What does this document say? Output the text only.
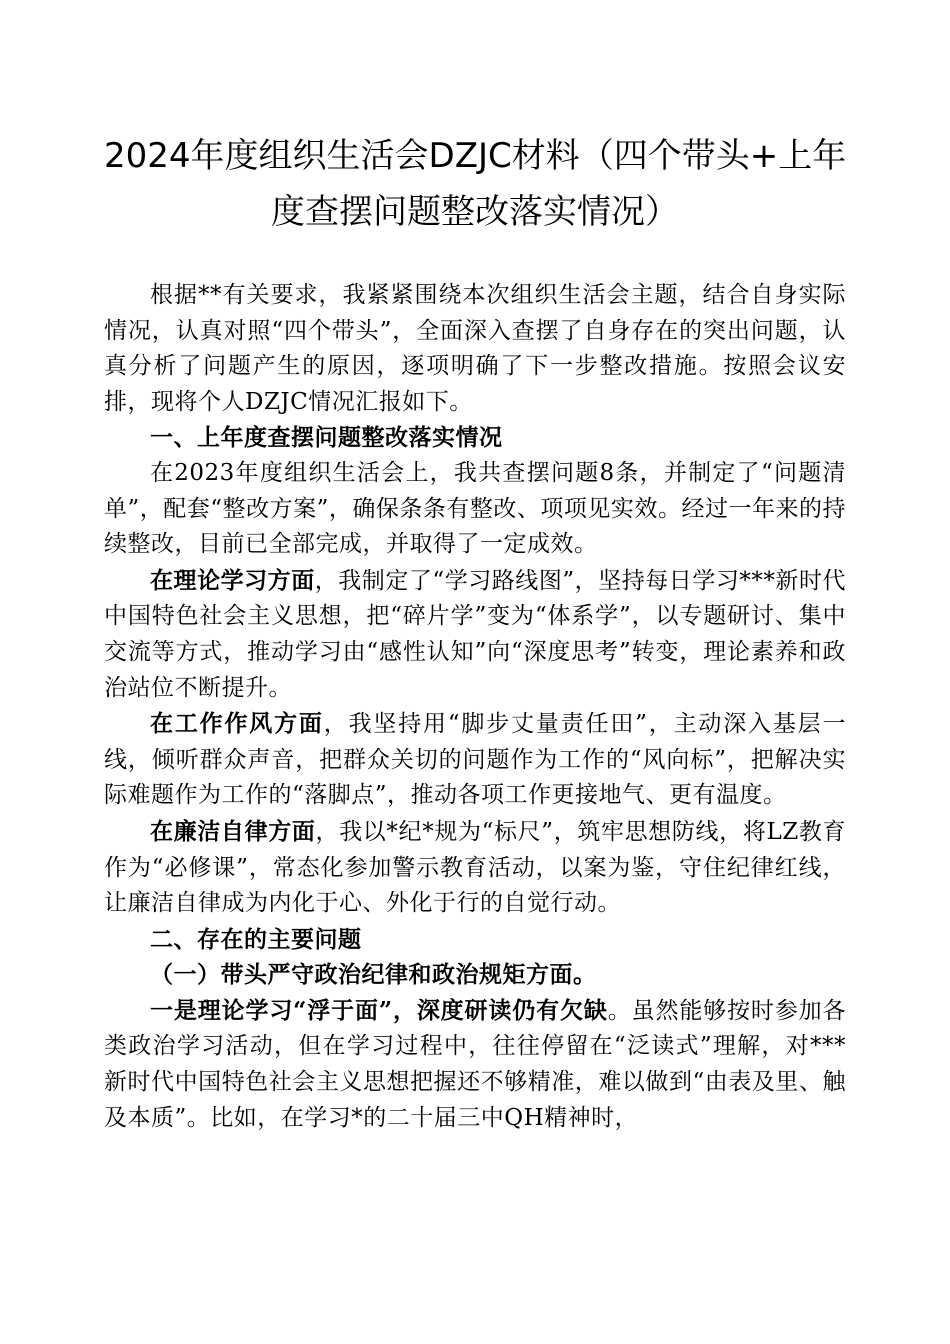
2024年度组织生活会DZJC材料（四个带头+上年
度查摆问题整改落实情况）

根据**有关要求，我紧紧围绕本次组织生活会主题，结合自身实际情况，认真对照“四个带头”，全面深入查摆了自身存在的突出问题，认真分析了问题产生的原因，逐项明确了下一步整改措施。按照会议安排，现将个人DZJC情况汇报如下。

一、上年度查摆问题整改落实情况

在2023年度组织生活会上，我共查摆问题8条，并制定了“问题清单”，配套“整改方案”，确保条条有整改、项项见实效。经过一年来的持续整改，目前已全部完成，并取得了一定成效。

在理论学习方面，我制定了“学习路线图”，坚持每日学习***新时代中国特色社会主义思想，把“碎片学”变为“体系学”，以专题研讨、集中交流等方式，推动学习由“感性认知”向“深度思考”转变，理论素养和政治站位不断提升。

在工作作风方面，我坚持用“脚步丈量责任田”，主动深入基层一线，倾听群众声音，把群众关切的问题作为工作的“风向标”，把解决实际难题作为工作的“落脚点”，推动各项工作更接地气、更有温度。

在廉洁自律方面，我以*纪*规为“标尺”，筑牢思想防线，将LZ教育作为“必修课”，常态化参加警示教育活动，以案为鉴，守住纪律红线，让廉洁自律成为内化于心、外化于行的自觉行动。

二、存在的主要问题

（一）带头严守政治纪律和政治规矩方面。

一是理论学习“浮于面”，深度研读仍有欠缺。虽然能够按时参加各类政治学习活动，但在学习过程中，往往停留在“泛读式”理解，对***新时代中国特色社会主义思想把握还不够精准，难以做到“由表及里、触及本质”。比如，在学习*的二十届三中QH精神时，
